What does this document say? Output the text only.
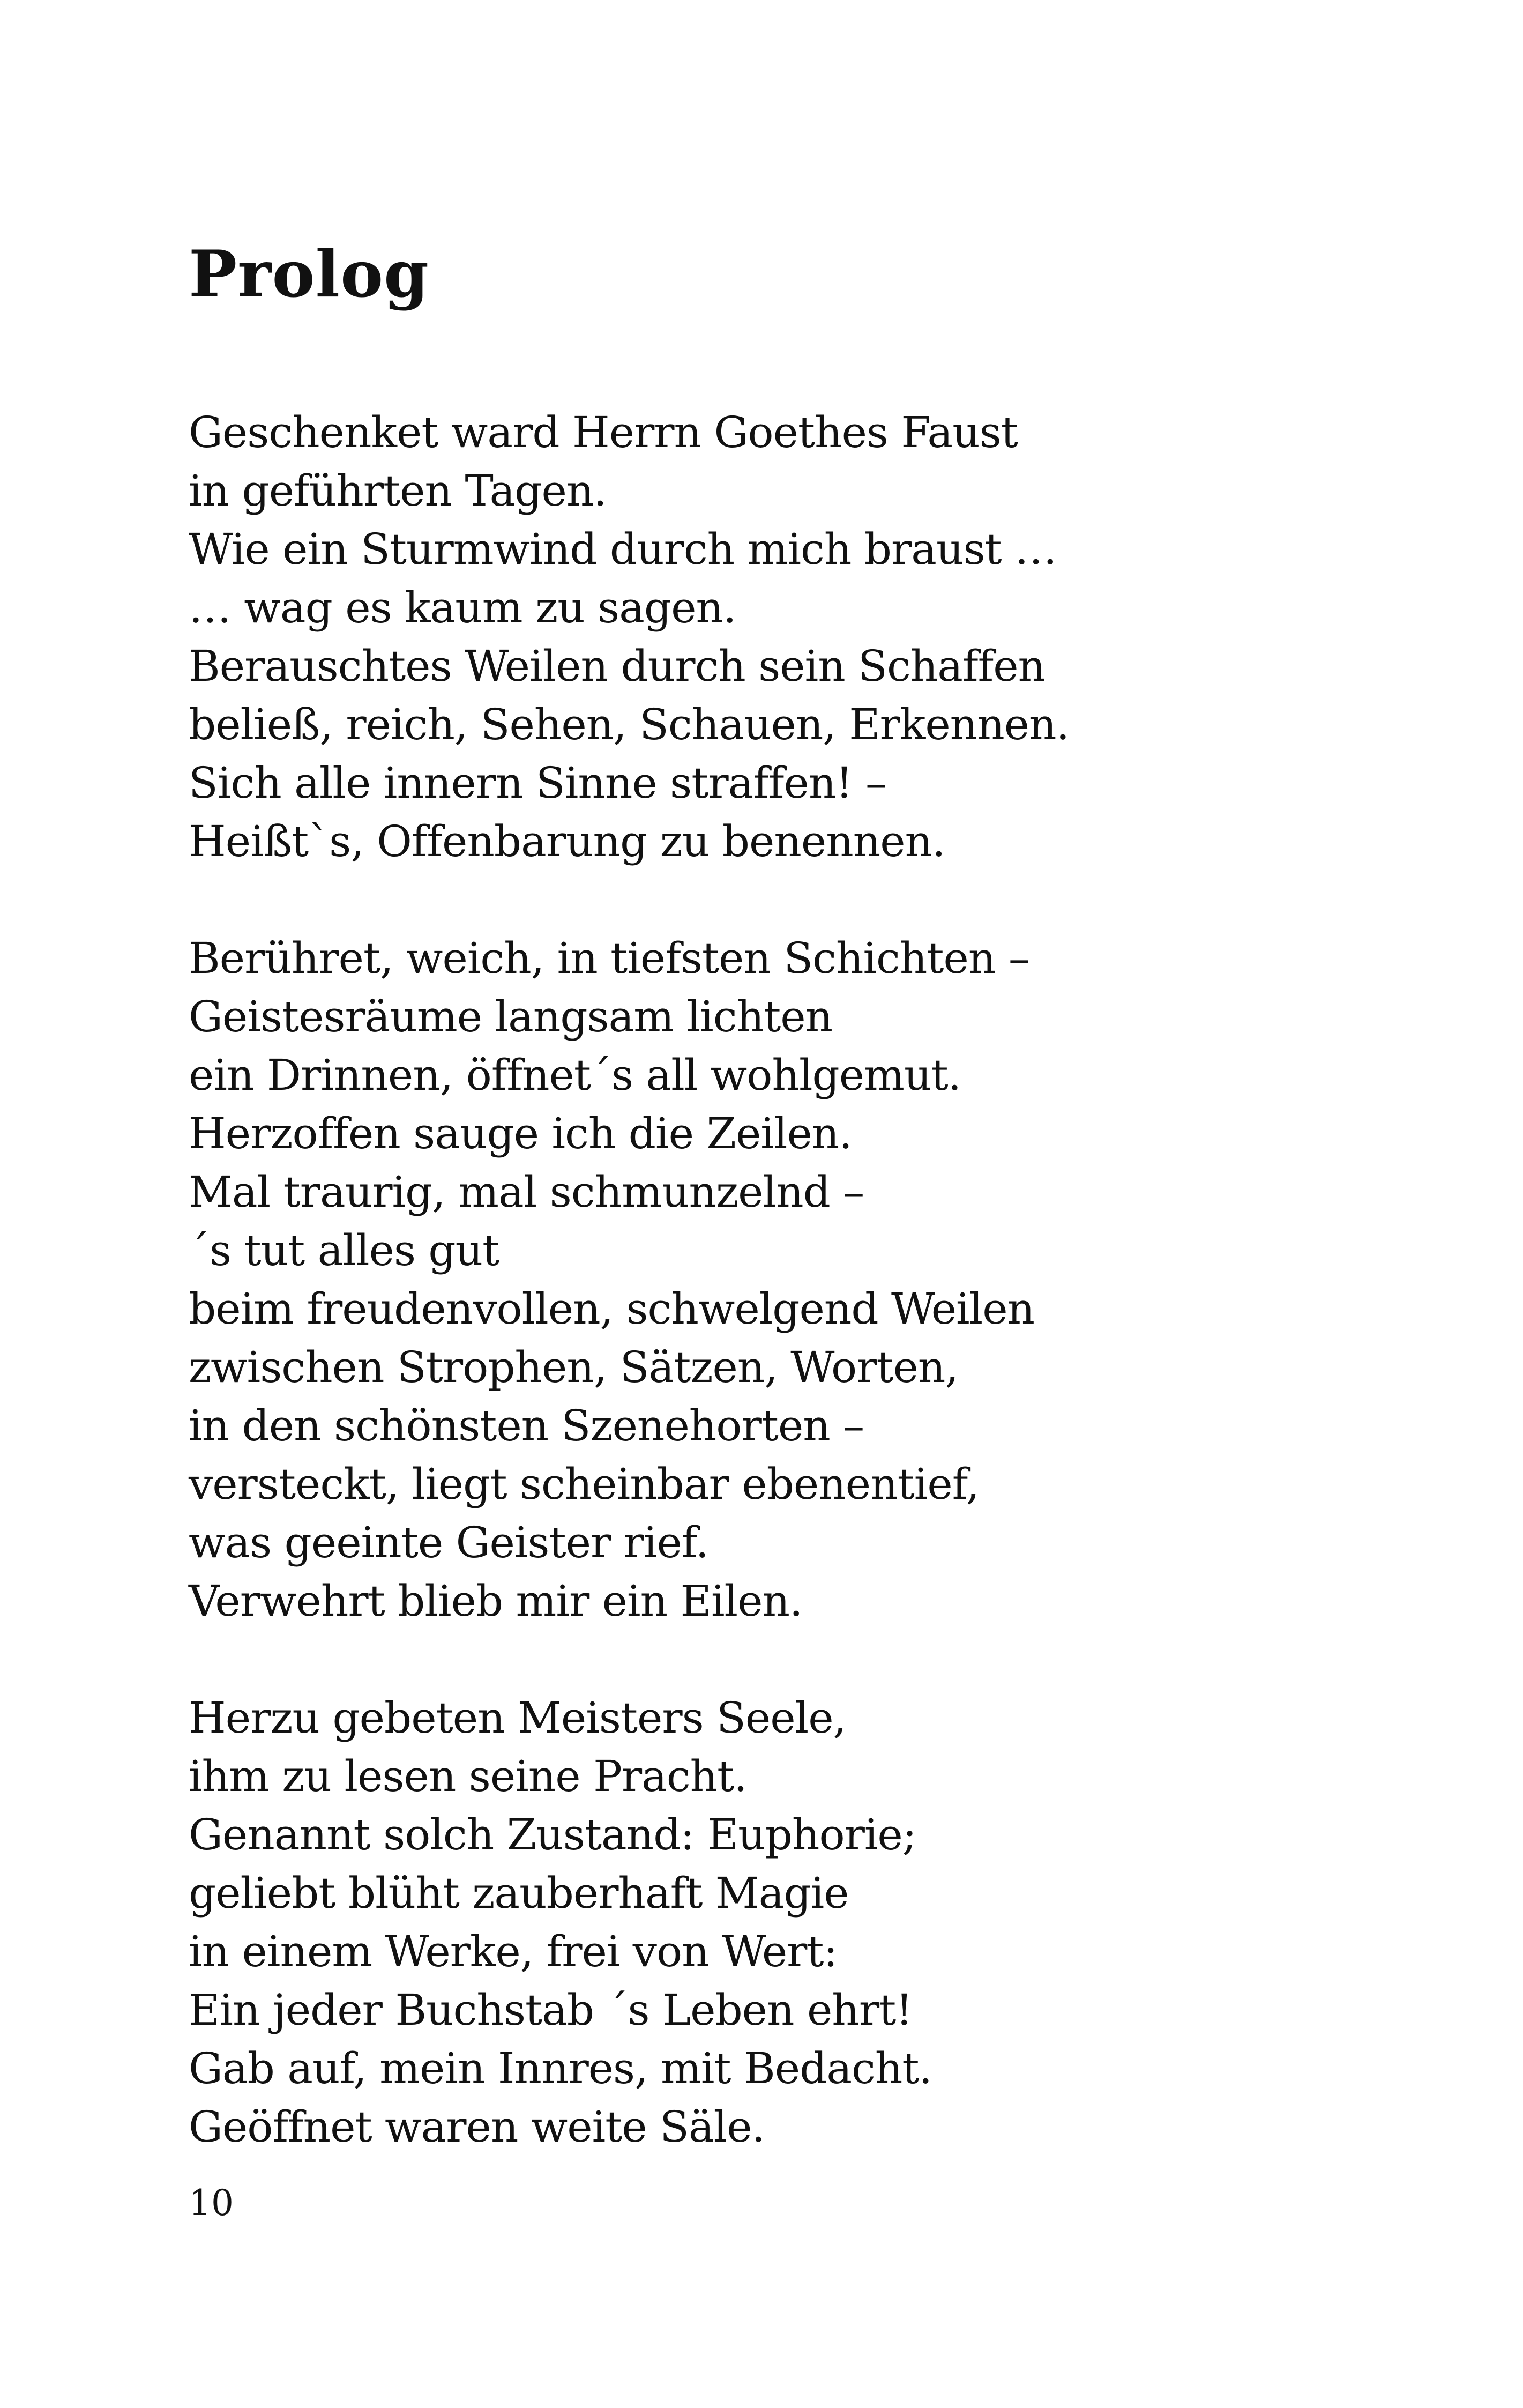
Prolog
Geschenket ward Herrn Goethes Faust
in geführten Tagen.
Wie ein Sturmwind durch mich braust …
… wag es kaum zu sagen.
Berauschtes Weilen durch sein Schaffen
beließ, reich, Sehen, Schauen, Erkennen.
Sich alle innern Sinne straffen! –
Heißt`s, Offenbarung zu benennen.
Berühret, weich, in tiefsten Schichten –
Geistesräume langsam lichten
ein Drinnen, öffnet´s all wohlgemut.
Herzoffen sauge ich die Zeilen.
Mal traurig, mal schmunzelnd –
´s tut alles gut
beim freudenvollen, schwelgend Weilen
zwischen Strophen, Sätzen, Worten,
in den schönsten Szenehorten –
versteckt, liegt scheinbar ebenentief,
was geeinte Geister rief.
Verwehrt blieb mir ein Eilen.
Herzu gebeten Meisters Seele,
ihm zu lesen seine Pracht.
Genannt solch Zustand: Euphorie;
geliebt blüht zauberhaft Magie
in einem Werke, frei von Wert:
Ein jeder Buchstab ´s Leben ehrt!
Gab auf, mein Innres, mit Bedacht.
Geöffnet waren weite Säle.
10
